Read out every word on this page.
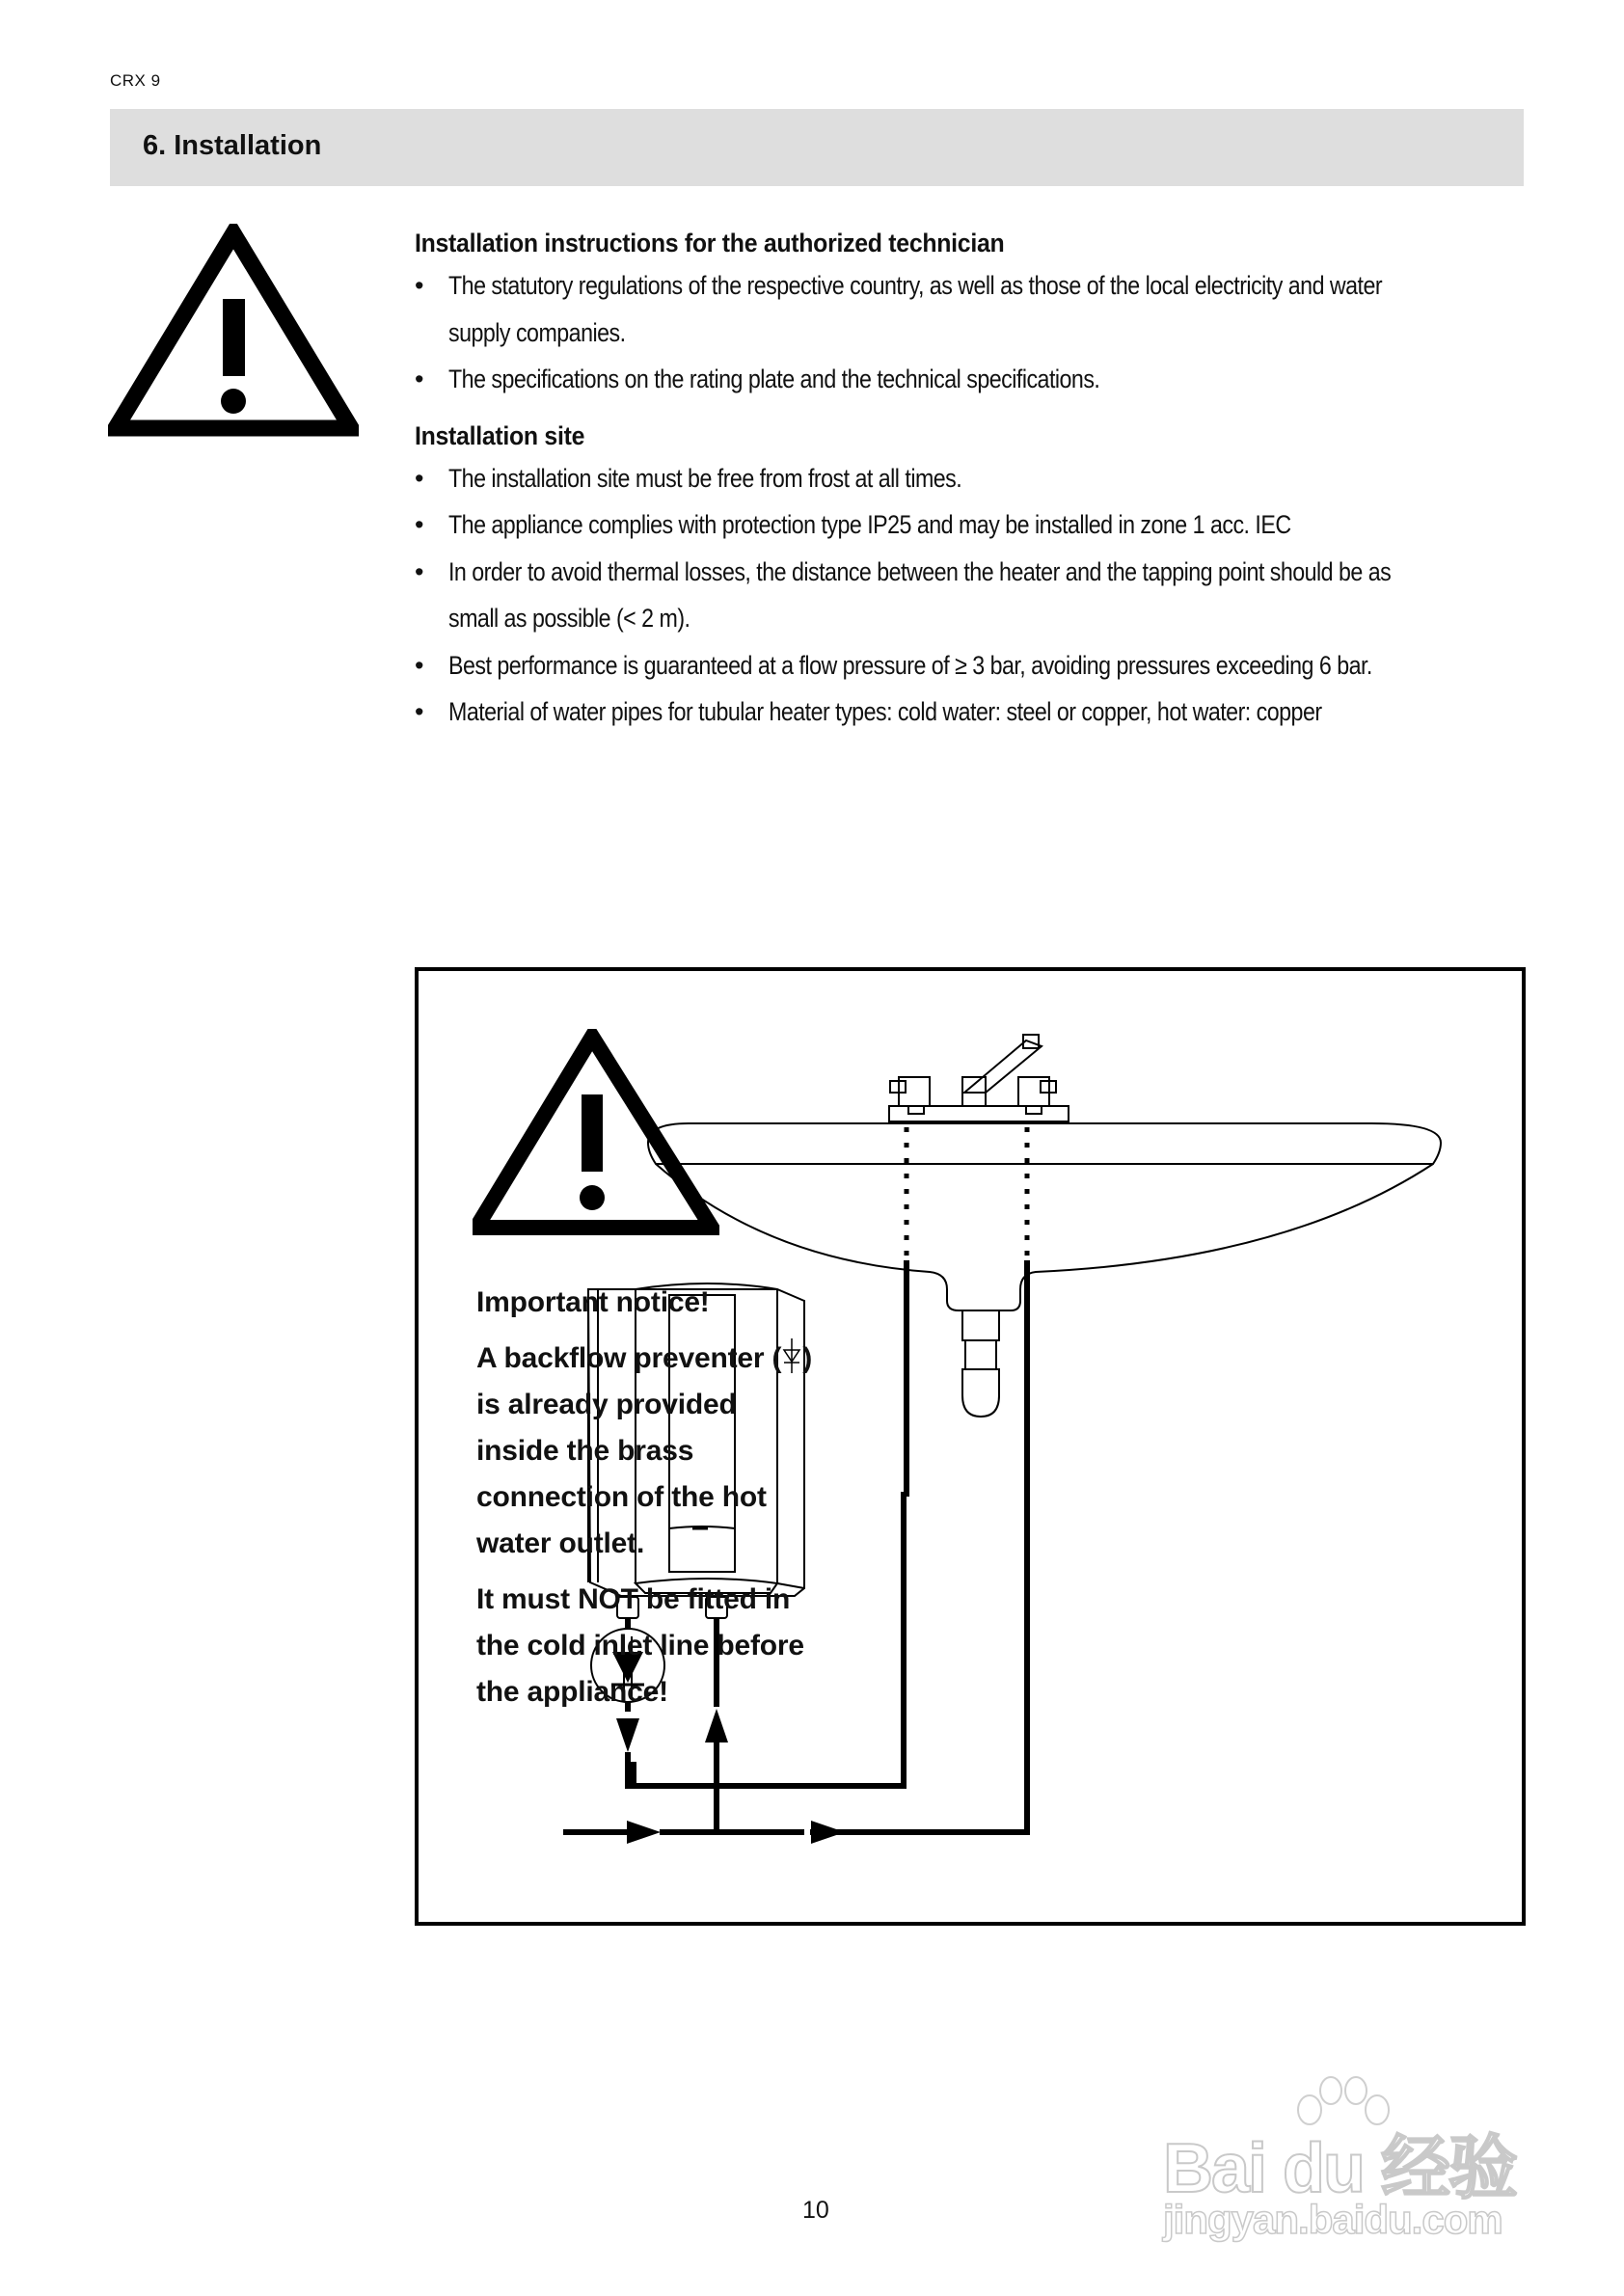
CRX 9
6. Installation
Installation instructions for the authorized technician
• The statutory regulations of the respective country, as well as those of the local electricity and water supply companies.
• The specifications on the rating plate and the technical specifications.
Installation site
• The installation site must be free from frost at all times.
• The appliance complies with protection type IP25 and may be installed in zone 1 acc. IEC
• In order to avoid thermal losses, the distance between the heater and the tapping point should be as small as possible (< 2 m).
• Best performance is guaranteed at a flow pressure of ≥ 3 bar, avoiding pressures exceeding 6 bar.
• Material of water pipes for tubular heater types: cold water: steel or copper, hot water: copper

Important notice!

A backflow preventer ( ) is already provided inside the brass connection of the hot water outlet.

It must NOT be fitted in the cold inlet line before the appliance!

10
Bai du 经验
jingyan.baidu.com
